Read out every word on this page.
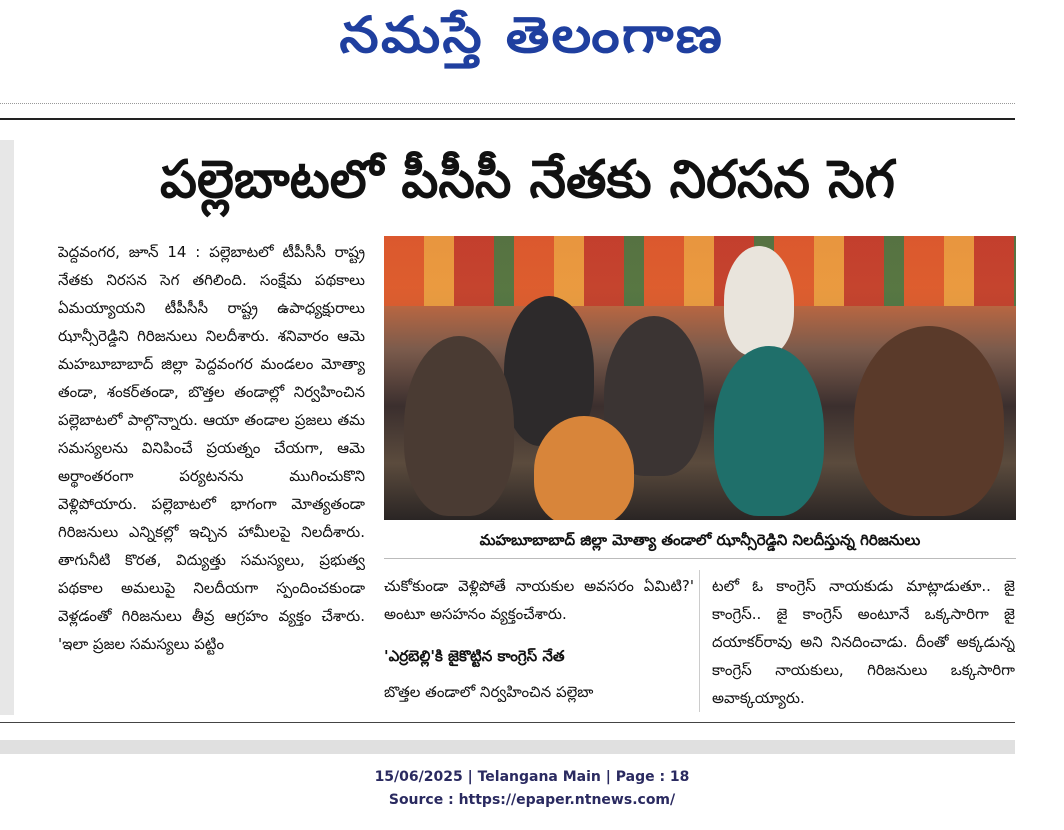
నమస్తే తెలంగాణ
పల్లెబాటలో పీసీసీ నేతకు నిరసన సెగ

పెద్దవంగర, జూన్ 14 : పల్లెబాటలో టీపీసీసీ రాష్ట్ర నేతకు నిరసన సెగ తగిలింది. సంక్షేమ పథకాలు ఏమయ్యాయని టీపీసీసీ రాష్ట్ర ఉపాధ్యక్షురాలు ఝాన్సీరెడ్డిని గిరిజనులు నిలదీశారు. శనివారం ఆమె మహబూబాబాద్ జిల్లా పెద్దవంగర మండలం మోత్యా తండా, శంకర్‌తండా, బొత్తల తండాల్లో నిర్వహించిన పల్లెబాటలో పాల్గొన్నారు. ఆయా తండాల ప్రజలు తమ సమస్యలను వినిపించే ప్రయత్నం చేయగా, ఆమె అర్థాంతరంగా పర్యటనను ముగించుకొని వెళ్లిపోయారు. పల్లెబాటలో భాగంగా మోత్యతండా గిరిజనులు ఎన్నికల్లో ఇచ్చిన హామీలపై నిలదీశారు. తాగునీటి కొరత, విద్యుత్తు సమస్యలు, ప్రభుత్వ పథకాల అమలుపై నిలదీయగా స్పందించకుండా వెళ్లడంతో గిరిజనులు తీవ్ర ఆగ్రహం వ్యక్తం చేశారు. 'ఇలా ప్రజల సమస్యలు పట్టిం

మహబూబాబాద్ జిల్లా మోత్యా తండాలో ఝాన్సీరెడ్డిని నిలదీస్తున్న గిరిజనులు

చుకోకుండా వెళ్లిపోతే నాయకుల అవసరం ఏమిటి?' అంటూ అసహనం వ్యక్తంచేశారు.

'ఎర్రబెల్లి'కి జైకొట్టిన కాంగ్రెస్ నేత

బొత్తల తండాలో నిర్వహించిన పల్లెబా

టలో ఓ కాంగ్రెస్ నాయకుడు మాట్లాడుతూ.. జై కాంగ్రెస్.. జై కాంగ్రెస్ అంటూనే ఒక్కసారిగా జై దయాకర్‌రావు అని నినదించాడు. దీంతో అక్కడున్న కాంగ్రెస్ నాయకులు, గిరిజనులు ఒక్కసారిగా అవాక్కయ్యారు.

15/06/2025 | Telangana Main | Page : 18
Source : https://epaper.ntnews.com/
